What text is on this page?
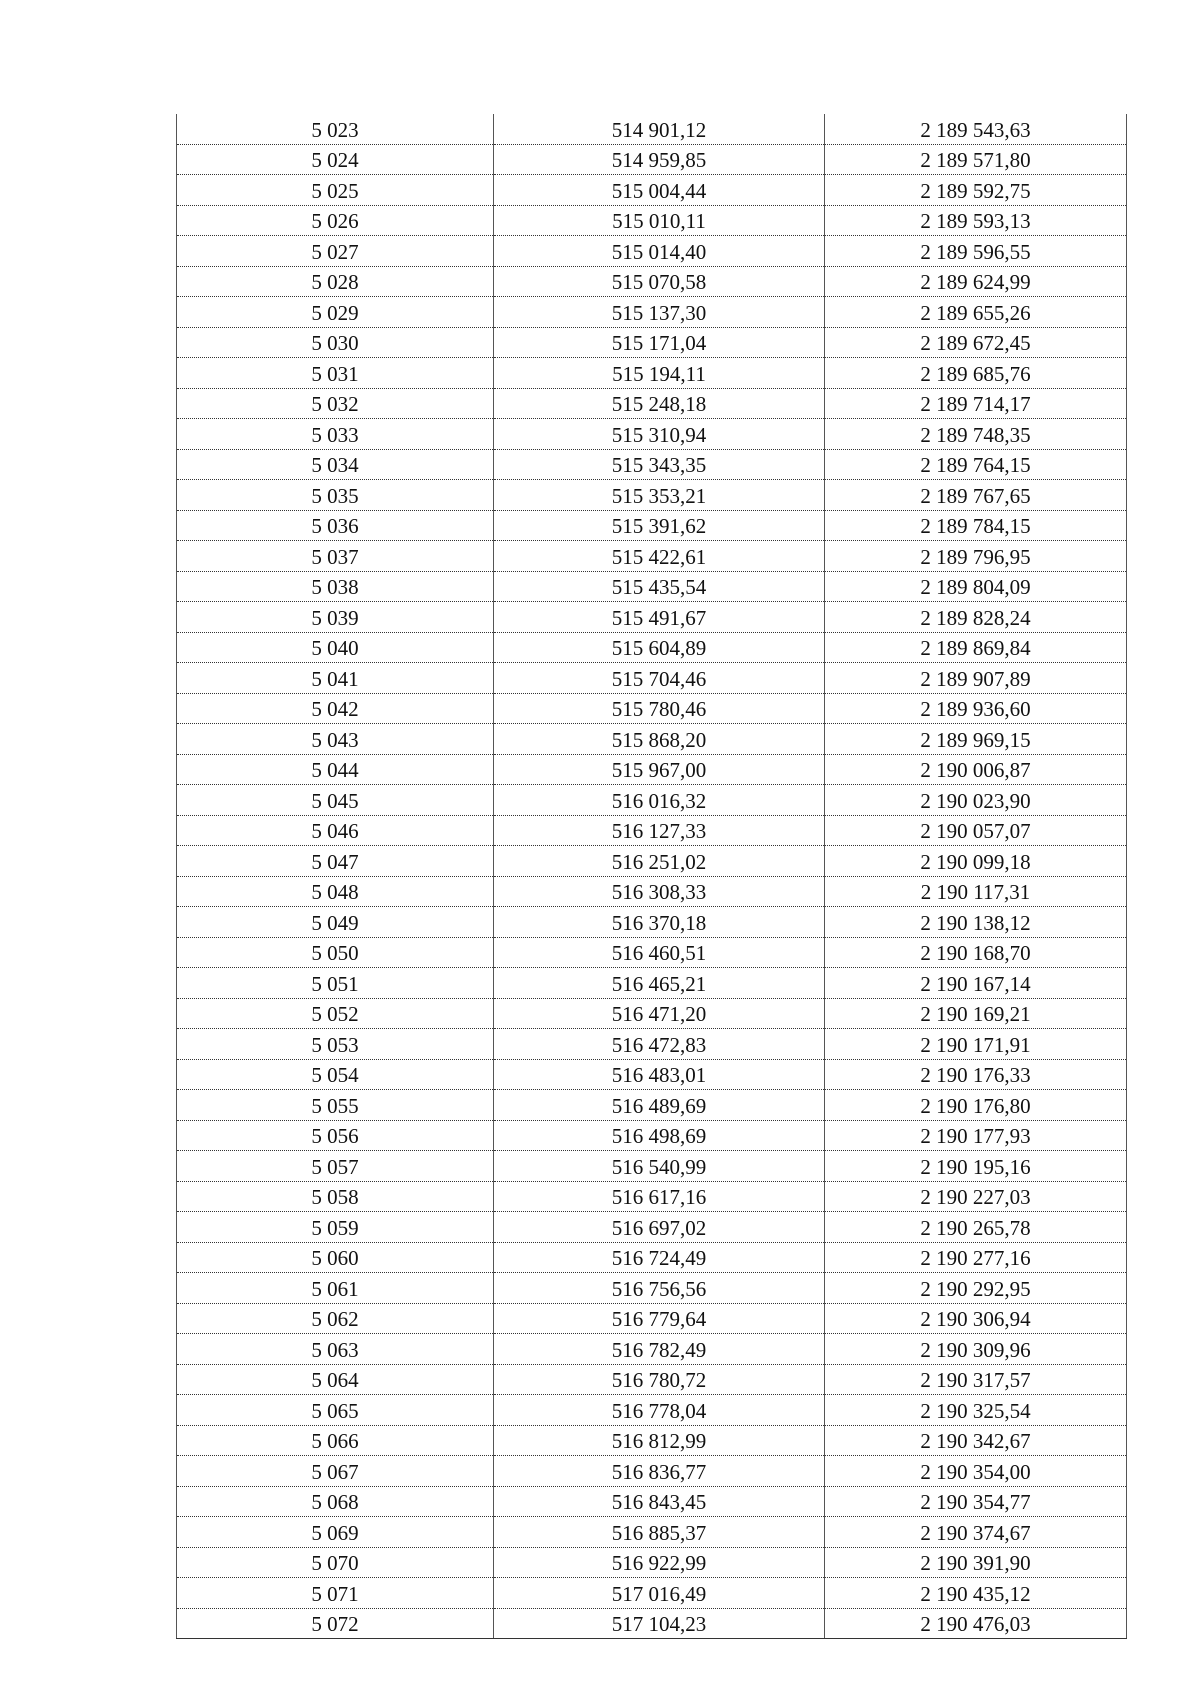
5 023	514 901,12	2 189 543,63
5 024	514 959,85	2 189 571,80
5 025	515 004,44	2 189 592,75
5 026	515 010,11	2 189 593,13
5 027	515 014,40	2 189 596,55
5 028	515 070,58	2 189 624,99
5 029	515 137,30	2 189 655,26
5 030	515 171,04	2 189 672,45
5 031	515 194,11	2 189 685,76
5 032	515 248,18	2 189 714,17
5 033	515 310,94	2 189 748,35
5 034	515 343,35	2 189 764,15
5 035	515 353,21	2 189 767,65
5 036	515 391,62	2 189 784,15
5 037	515 422,61	2 189 796,95
5 038	515 435,54	2 189 804,09
5 039	515 491,67	2 189 828,24
5 040	515 604,89	2 189 869,84
5 041	515 704,46	2 189 907,89
5 042	515 780,46	2 189 936,60
5 043	515 868,20	2 189 969,15
5 044	515 967,00	2 190 006,87
5 045	516 016,32	2 190 023,90
5 046	516 127,33	2 190 057,07
5 047	516 251,02	2 190 099,18
5 048	516 308,33	2 190 117,31
5 049	516 370,18	2 190 138,12
5 050	516 460,51	2 190 168,70
5 051	516 465,21	2 190 167,14
5 052	516 471,20	2 190 169,21
5 053	516 472,83	2 190 171,91
5 054	516 483,01	2 190 176,33
5 055	516 489,69	2 190 176,80
5 056	516 498,69	2 190 177,93
5 057	516 540,99	2 190 195,16
5 058	516 617,16	2 190 227,03
5 059	516 697,02	2 190 265,78
5 060	516 724,49	2 190 277,16
5 061	516 756,56	2 190 292,95
5 062	516 779,64	2 190 306,94
5 063	516 782,49	2 190 309,96
5 064	516 780,72	2 190 317,57
5 065	516 778,04	2 190 325,54
5 066	516 812,99	2 190 342,67
5 067	516 836,77	2 190 354,00
5 068	516 843,45	2 190 354,77
5 069	516 885,37	2 190 374,67
5 070	516 922,99	2 190 391,90
5 071	517 016,49	2 190 435,12
5 072	517 104,23	2 190 476,03
